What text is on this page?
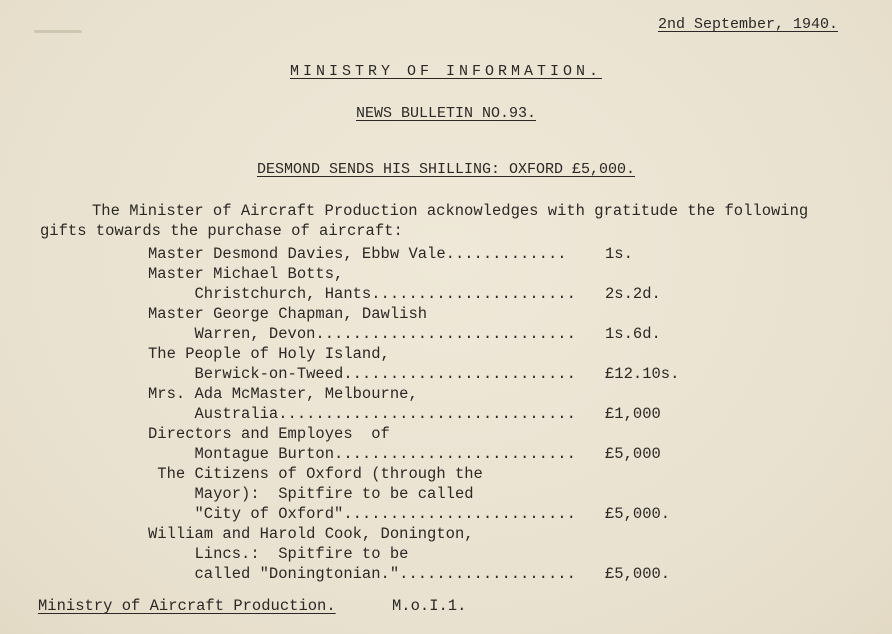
2nd September, 1940.
MINISTRY OF INFORMATION.
NEWS BULLETIN NO.93.
DESMOND SENDS HIS SHILLING: OXFORD £5,000.
The Minister of Aircraft Production acknowledges with gratitude the following
gifts towards the purchase of aircraft:
Master Desmond Davies, Ebbw Vale............. 1s.
Master Michael Botts,
Christchurch, Hants...................... 2s.2d.
Master George Chapman, Dawlish
Warren, Devon............................ 1s.6d.
The People of Holy Island,
Berwick-on-Tweed......................... £12.10s.
Mrs. Ada McMaster, Melbourne,
Australia................................ £1,000
Directors and Employes  of
Montague Burton.......................... £5,000
The Citizens of Oxford (through the
Mayor):  Spitfire to be called
"City of Oxford"......................... £5,000.
William and Harold Cook, Donington,
Lincs.:  Spitfire to be
called "Doningtonian."................... £5,000.
Ministry of Aircraft Production.	M.o.I.1.
